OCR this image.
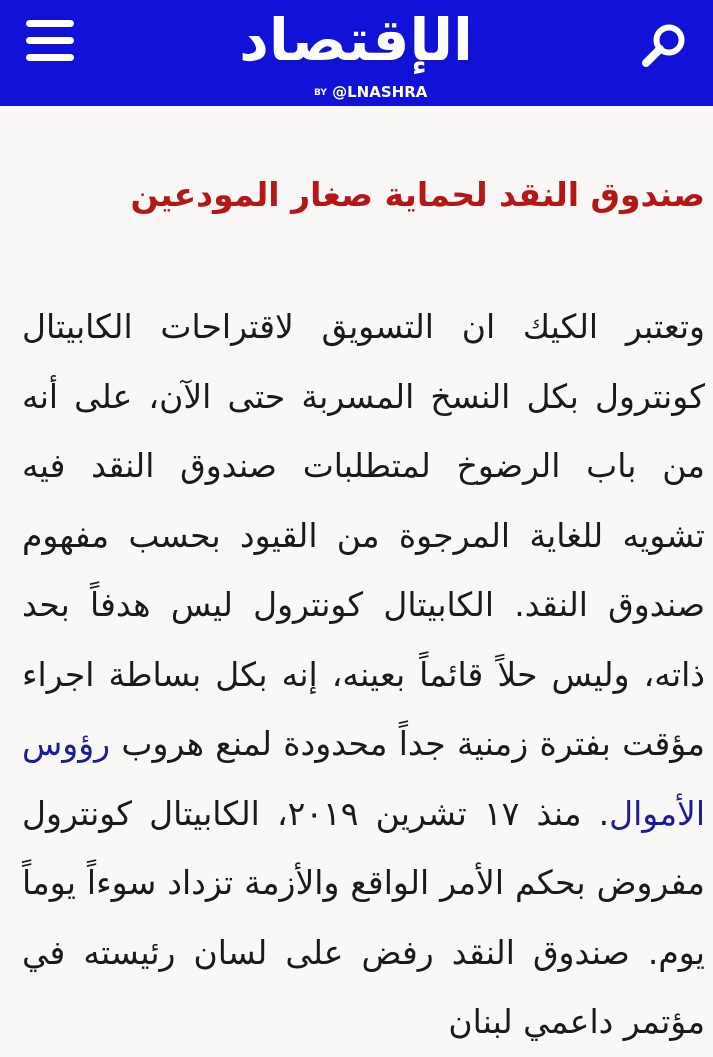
الإقتصاد
BY @LNASHRA
صندوق النقد لحماية صغار المودعين

وتعتبر الكيك ان التسويق لاقتراحات الكابيتال كونترول بكل النسخ المسربة حتى الآن، على أنه من باب الرضوخ لمتطلبات صندوق النقد فيه تشويه للغاية المرجوة من القيود بحسب مفهوم صندوق النقد. الكابيتال كونترول ليس هدفاً بحد ذاته، وليس حلاً قائماً بعينه، إنه بكل بساطة اجراء مؤقت بفترة زمنية جداً محدودة لمنع هروب رؤوس الأموال. منذ ١٧ تشرين ٢٠١٩، الكابيتال كونترول مفروض بحكم الأمر الواقع والأزمة تزداد سوءاً يوماً يوم. صندوق النقد رفض على لسان رئيسته في مؤتمر داعمي لبنان
